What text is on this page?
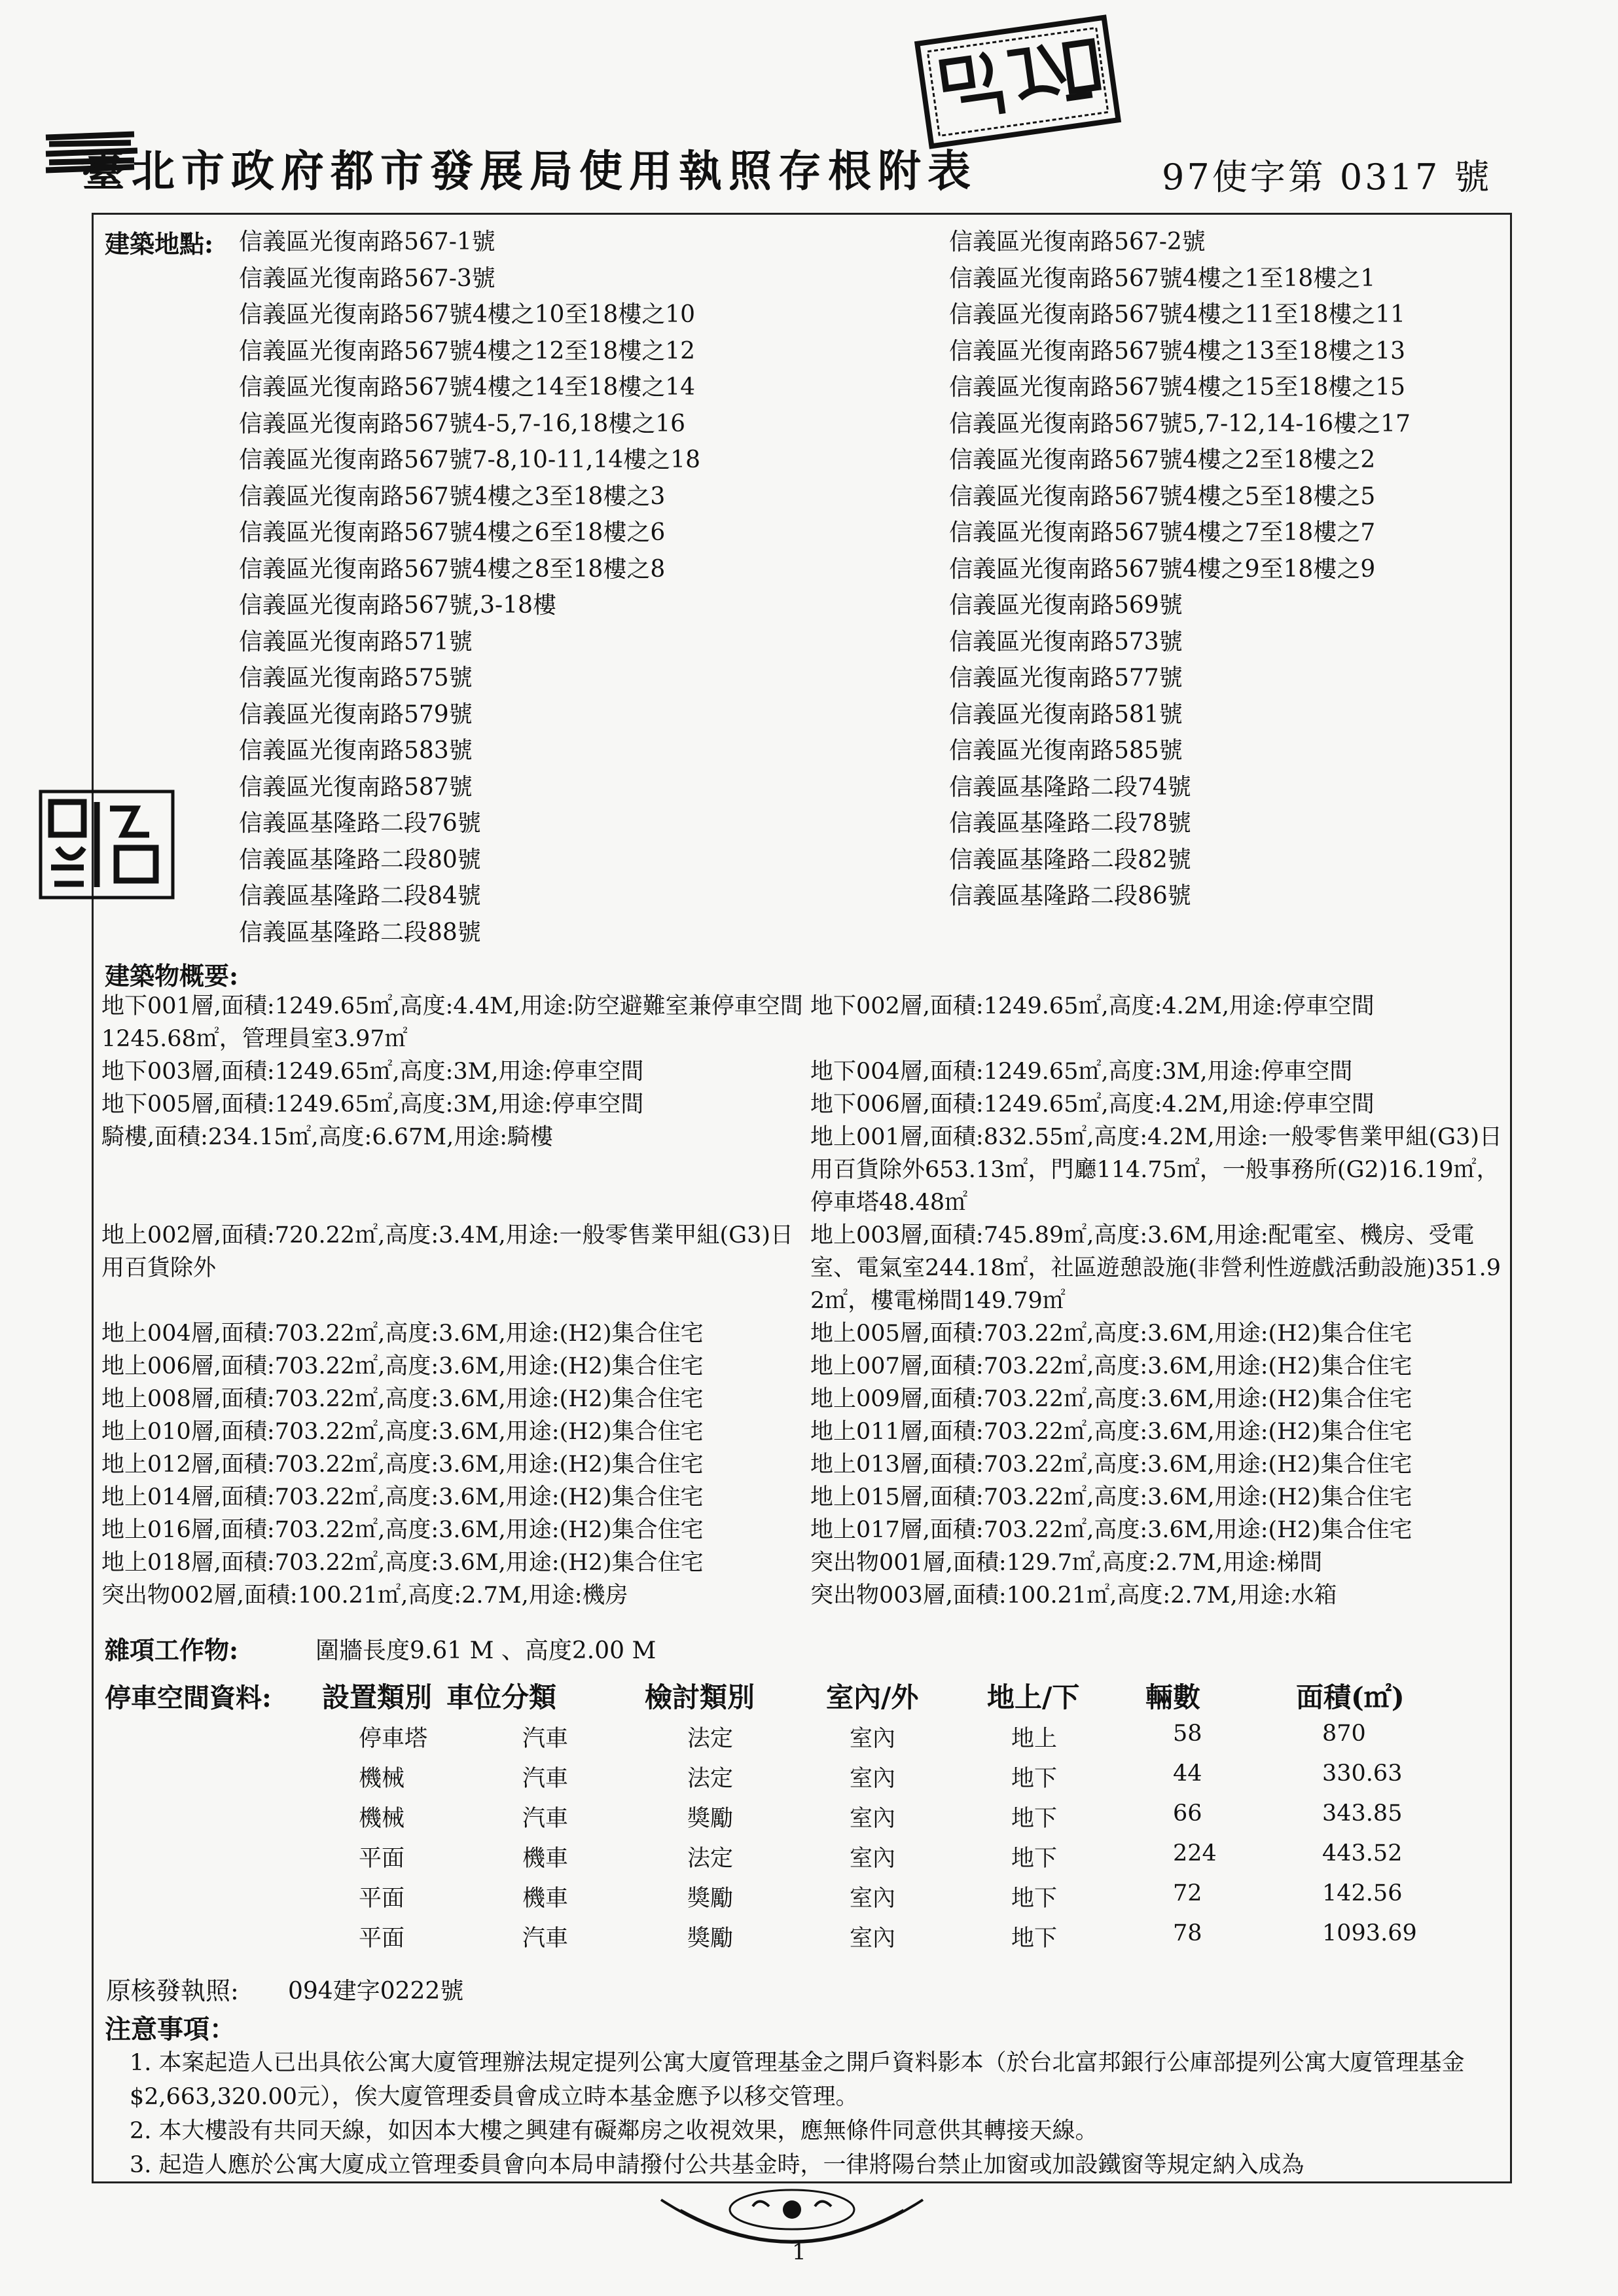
臺北市政府都市發展局使用執照存根附表	97使字第 0317 號
建築地點: 信義區光復南路567-1號
信義區光復南路567-3號
信義區光復南路567號4樓之10至18樓之10
信義區光復南路567號4樓之12至18樓之12
信義區光復南路567號4樓之14至18樓之14
信義區光復南路567號4-5,7-16,18樓之16
信義區光復南路567號7-8,10-11,14樓之18
信義區光復南路567號4樓之3至18樓之3
信義區光復南路567號4樓之6至18樓之6
信義區光復南路567號4樓之8至18樓之8
信義區光復南路567號,3-18樓
信義區光復南路571號
信義區光復南路575號
信義區光復南路579號
信義區光復南路583號
信義區光復南路587號
信義區基隆路二段76號
信義區基隆路二段80號
信義區基隆路二段84號
信義區基隆路二段88號
信義區光復南路567-2號
信義區光復南路567號4樓之1至18樓之1
信義區光復南路567號4樓之11至18樓之11
信義區光復南路567號4樓之13至18樓之13
信義區光復南路567號4樓之15至18樓之15
信義區光復南路567號5,7-12,14-16樓之17
信義區光復南路567號4樓之2至18樓之2
信義區光復南路567號4樓之5至18樓之5
信義區光復南路567號4樓之7至18樓之7
信義區光復南路567號4樓之9至18樓之9
信義區光復南路569號
信義區光復南路573號
信義區光復南路577號
信義區光復南路581號
信義區光復南路585號
信義區基隆路二段74號
信義區基隆路二段78號
信義區基隆路二段82號
信義區基隆路二段86號
建築物概要:
地下001層,面積:1249.65㎡,高度:4.4M,用途:防空避難室兼停車空間1245.68㎡，管理員室3.97㎡
地下003層,面積:1249.65㎡,高度:3M,用途:停車空間
地下005層,面積:1249.65㎡,高度:3M,用途:停車空間
騎樓,面積:234.15㎡,高度:6.67M,用途:騎樓
地上002層,面積:720.22㎡,高度:3.4M,用途:一般零售業甲組(G3)日用百貨除外
地上004層,面積:703.22㎡,高度:3.6M,用途:(H2)集合住宅
地上006層,面積:703.22㎡,高度:3.6M,用途:(H2)集合住宅
地上008層,面積:703.22㎡,高度:3.6M,用途:(H2)集合住宅
地上010層,面積:703.22㎡,高度:3.6M,用途:(H2)集合住宅
地上012層,面積:703.22㎡,高度:3.6M,用途:(H2)集合住宅
地上014層,面積:703.22㎡,高度:3.6M,用途:(H2)集合住宅
地上016層,面積:703.22㎡,高度:3.6M,用途:(H2)集合住宅
地上018層,面積:703.22㎡,高度:3.6M,用途:(H2)集合住宅
突出物002層,面積:100.21㎡,高度:2.7M,用途:機房
地下002層,面積:1249.65㎡,高度:4.2M,用途:停車空間
地下004層,面積:1249.65㎡,高度:3M,用途:停車空間
地下006層,面積:1249.65㎡,高度:4.2M,用途:停車空間
地上001層,面積:832.55㎡,高度:4.2M,用途:一般零售業甲組(G3)日用百貨除外653.13㎡，門廳114.75㎡，一般事務所(G2)16.19㎡，停車塔48.48㎡
地上003層,面積:745.89㎡,高度:3.6M,用途:配電室、機房、受電室、電氣室244.18㎡，社區遊憩設施(非營利性遊戲活動設施)351.92㎡，樓電梯間149.79㎡
地上005層,面積:703.22㎡,高度:3.6M,用途:(H2)集合住宅
地上007層,面積:703.22㎡,高度:3.6M,用途:(H2)集合住宅
地上009層,面積:703.22㎡,高度:3.6M,用途:(H2)集合住宅
地上011層,面積:703.22㎡,高度:3.6M,用途:(H2)集合住宅
地上013層,面積:703.22㎡,高度:3.6M,用途:(H2)集合住宅
地上015層,面積:703.22㎡,高度:3.6M,用途:(H2)集合住宅
地上017層,面積:703.22㎡,高度:3.6M,用途:(H2)集合住宅
突出物001層,面積:129.7㎡,高度:2.7M,用途:梯間
突出物003層,面積:100.21㎡,高度:2.7M,用途:水箱
雜項工作物:	圍牆長度9.61 M 、高度2.00 M
停車空間資料: 設置類別 車位分類	檢討類別	室內/外 地上/下 輛數	面積(㎡)
停車塔	汽車	法定	室內	地上	58	870
機械	汽車	法定	室內	地下	44	330.63
機械	汽車	獎勵	室內	地下	66	343.85
平面	機車	法定	室內	地下	224	443.52
平面	機車	獎勵	室內	地下	72	142.56
平面	汽車	獎勵	室內	地下	78	1093.69
原核發執照: 094建字0222號
注意事項：
1. 本案起造人已出具依公寓大廈管理辦法規定提列公寓大廈管理基金之開戶資料影本（於台北富邦銀行公庫部提列公寓大廈管理基金$2,663,320.00元），俟大廈管理委員會成立時本基金應予以移交管理。
2. 本大樓設有共同天線，如因本大樓之興建有礙鄰房之收視效果，應無條件同意供其轉接天線。
3. 起造人應於公寓大廈成立管理委員會向本局申請撥付公共基金時，一律將陽台禁止加窗或加設鐵窗等規定納入成為
1
